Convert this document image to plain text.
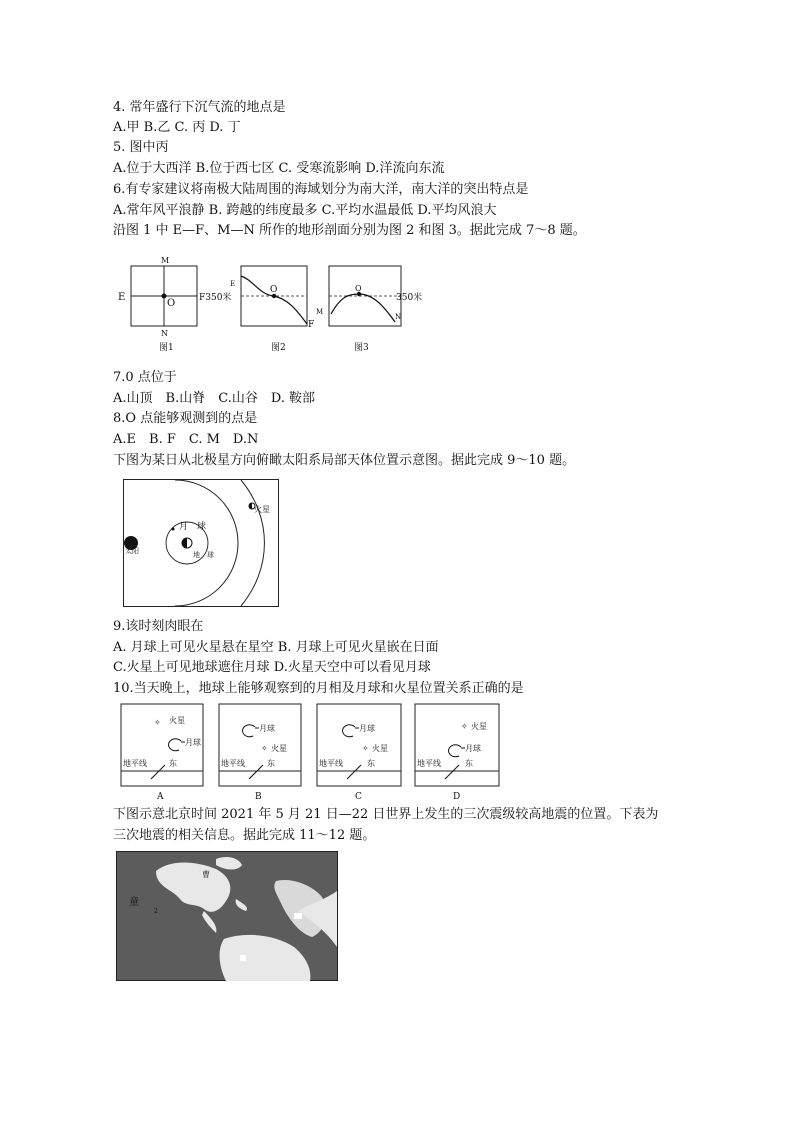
4. 常年盛行下沉气流的地点是
A.甲 B.乙 C. 丙 D. 丁
5. 图中丙
A.位于大西洋 B.位于西七区 C. 受寒流影响 D.洋流向东流
6.有专家建议将南极大陆周围的海域划分为南大洋，南大洋的突出特点是
A.常年风平浪静 B. 跨越的纬度最多 C.平均水温最低 D.平均风浪大
沿图 1 中 E—F、M—N 所作的地形剖面分别为图 2 和图 3。据此完成 7～8 题。
M
N
E
O
图1
E
O
F350米
M
F
图2
O
350米
N
图3
7.0 点位于
A.山顶　B.山脊　C.山谷　D. 鞍部
8.O 点能够观测到的点是
A.E　B. F　C. M　D.N
下图为某日从北极星方向俯瞰太阳系局部天体位置示意图。据此完成 9～10 题。
太阳
月　球
地　球
火星
9.该时刻肉眼在
A. 月球上可见火星悬在星空 B. 月球上可见火星嵌在日面
C.火星上可见地球遮住月球 D.火星天空中可以看见月球
10.当天晚上，地球上能够观察到的月相及月球和火星位置关系正确的是
✧ 火星
月球
地平线	东
A
月球
✧ 火星
地平线	东
B
月球
✧ 火星
地平线	东
C
✧ 火星
月球
地平线	东
D
下图示意北京时间 2021 年 5 月 21 日—22 日世界上发生的三次震级较高地震的位置。下表为
三次地震的相关信息。据此完成 11～12 题。
曹
童
2
